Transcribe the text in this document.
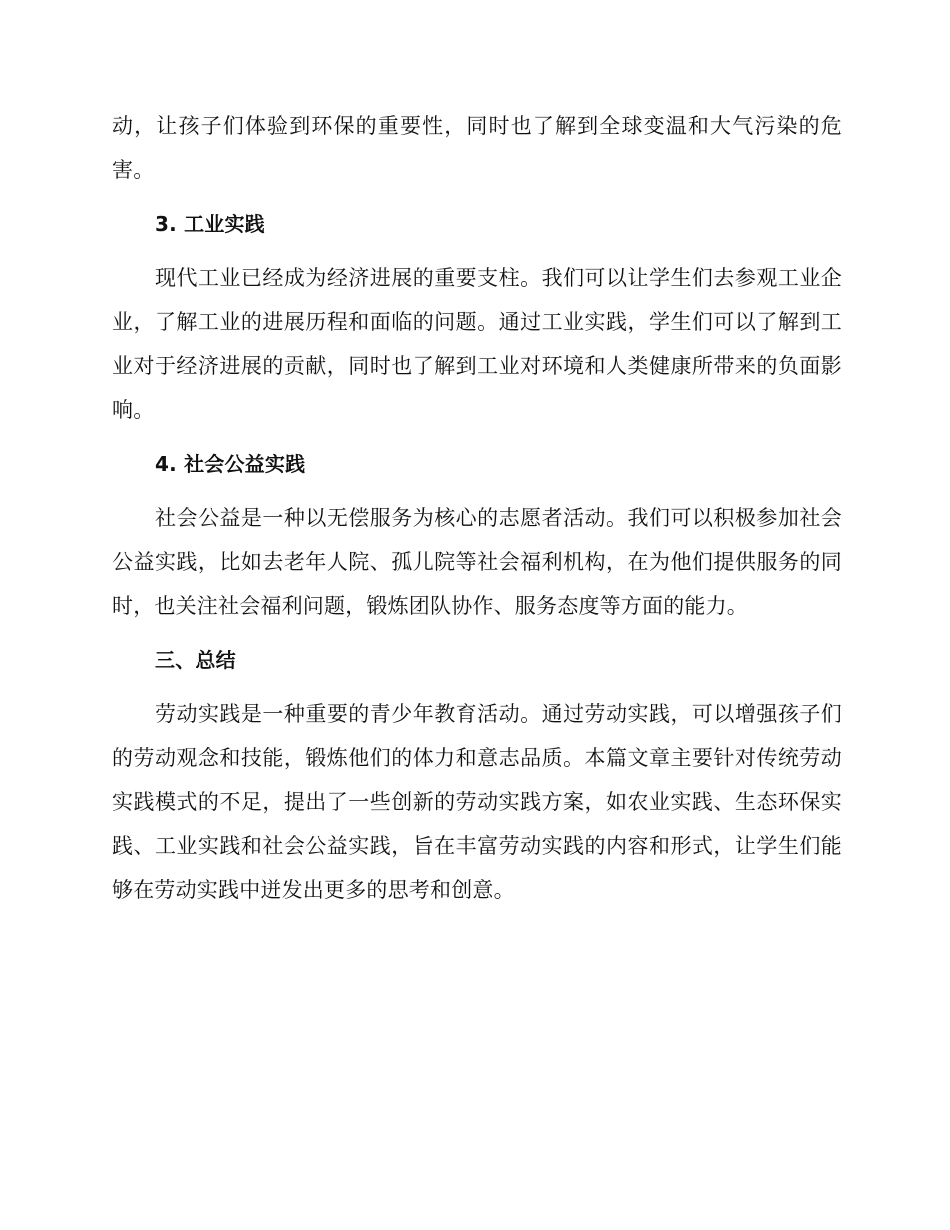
动，让孩子们体验到环保的重要性，同时也了解到全球变温和大气污染的危害。

3. 工业实践

现代工业已经成为经济进展的重要支柱。我们可以让学生们去参观工业企业，了解工业的进展历程和面临的问题。通过工业实践，学生们可以了解到工业对于经济进展的贡献，同时也了解到工业对环境和人类健康所带来的负面影响。

4. 社会公益实践

社会公益是一种以无偿服务为核心的志愿者活动。我们可以积极参加社会公益实践，比如去老年人院、孤儿院等社会福利机构，在为他们提供服务的同时，也关注社会福利问题，锻炼团队协作、服务态度等方面的能力。

三、总结

劳动实践是一种重要的青少年教育活动。通过劳动实践，可以增强孩子们的劳动观念和技能，锻炼他们的体力和意志品质。本篇文章主要针对传统劳动实践模式的不足，提出了一些创新的劳动实践方案，如农业实践、生态环保实践、工业实践和社会公益实践，旨在丰富劳动实践的内容和形式，让学生们能够在劳动实践中迸发出更多的思考和创意。
